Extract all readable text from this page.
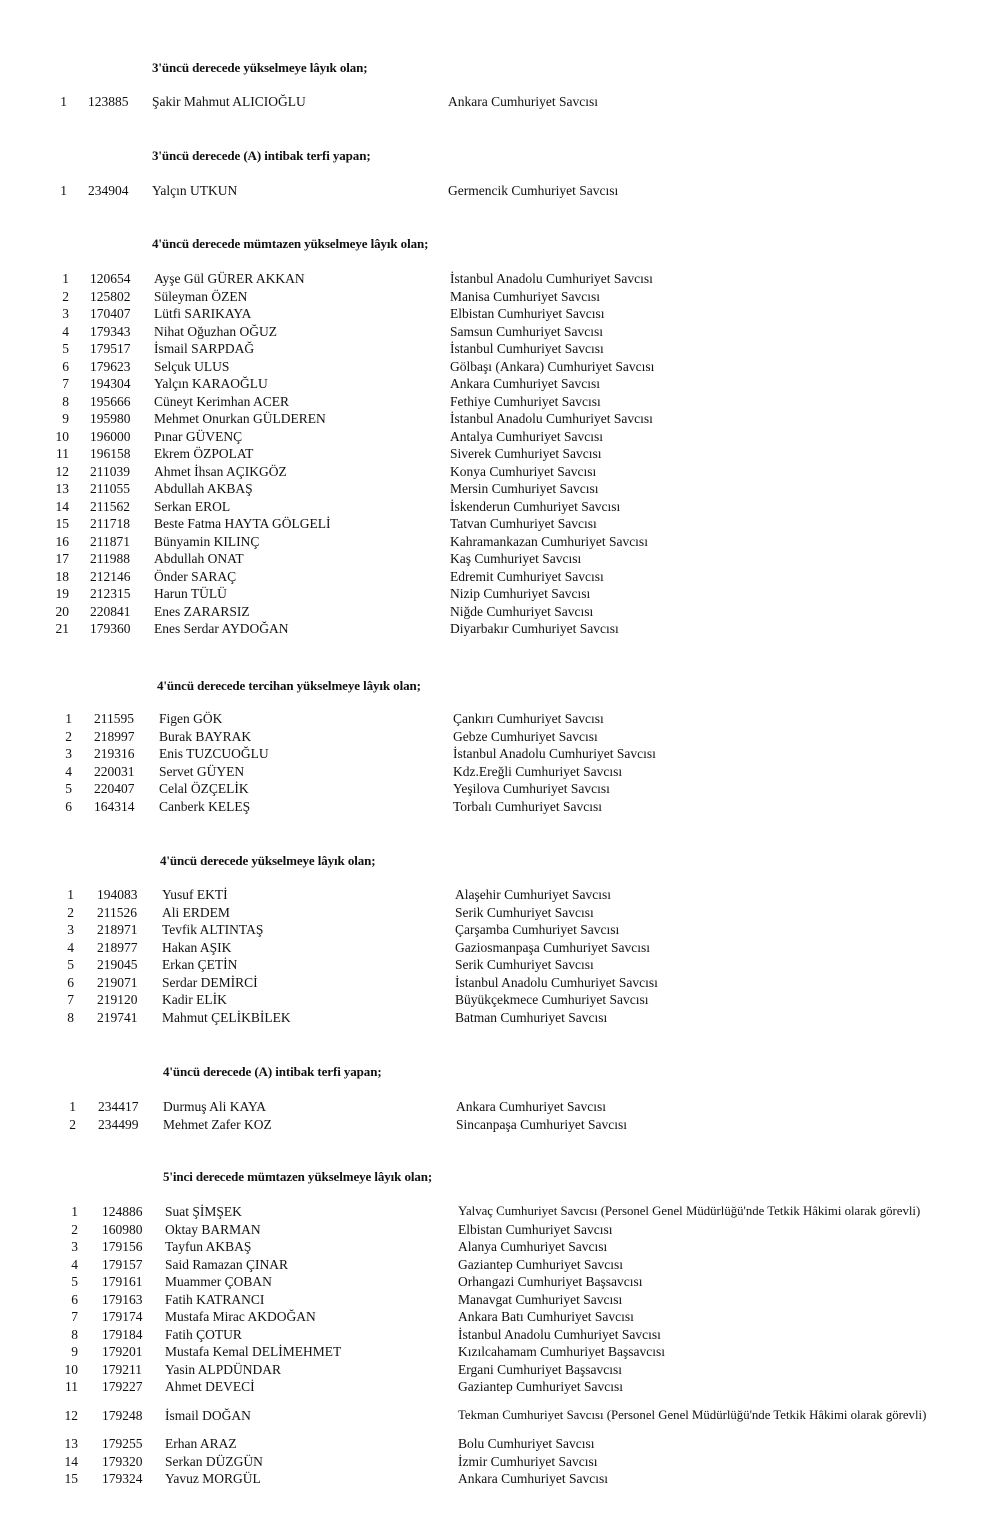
3'üncü derecede yükselmeye lâyık olan;
1 123885 Şakir Mahmut ALICIOĞLU	Ankara Cumhuriyet Savcısı
3'üncü derecede (A) intibak terfi yapan;
1 234904 Yalçın UTKUN	Germencik Cumhuriyet Savcısı
4'üncü derecede mümtazen yükselmeye lâyık olan;
1 120654 Ayşe Gül GÜRER AKKAN	İstanbul Anadolu Cumhuriyet Savcısı
2 125802 Süleyman ÖZEN	Manisa Cumhuriyet Savcısı
3 170407 Lütfi SARIKAYA	Elbistan Cumhuriyet Savcısı
4 179343 Nihat Oğuzhan OĞUZ	Samsun Cumhuriyet Savcısı
5 179517 İsmail SARPDAĞ	İstanbul Cumhuriyet Savcısı
6 179623 Selçuk ULUS	Gölbaşı (Ankara) Cumhuriyet Savcısı
7 194304 Yalçın KARAOĞLU	Ankara Cumhuriyet Savcısı
8 195666 Cüneyt Kerimhan ACER	Fethiye Cumhuriyet Savcısı
9 195980 Mehmet Onurkan GÜLDEREN	İstanbul Anadolu Cumhuriyet Savcısı
10 196000 Pınar GÜVENÇ	Antalya Cumhuriyet Savcısı
11 196158 Ekrem ÖZPOLAT	Siverek Cumhuriyet Savcısı
12 211039 Ahmet İhsan AÇIKGÖZ	Konya Cumhuriyet Savcısı
13 211055 Abdullah AKBAŞ	Mersin Cumhuriyet Savcısı
14 211562 Serkan EROL	İskenderun Cumhuriyet Savcısı
15 211718 Beste Fatma HAYTA GÖLGELİ	Tatvan Cumhuriyet Savcısı
16 211871 Bünyamin KILINÇ	Kahramankazan Cumhuriyet Savcısı
17 211988 Abdullah ONAT	Kaş Cumhuriyet Savcısı
18 212146 Önder SARAÇ	Edremit Cumhuriyet Savcısı
19 212315 Harun TÜLÜ	Nizip Cumhuriyet Savcısı
20 220841 Enes ZARARSIZ	Niğde Cumhuriyet Savcısı
21 179360 Enes Serdar AYDOĞAN	Diyarbakır Cumhuriyet Savcısı
4'üncü derecede tercihan yükselmeye lâyık olan;
1 211595 Figen GÖK	Çankırı Cumhuriyet Savcısı
2 218997 Burak BAYRAK	Gebze Cumhuriyet Savcısı
3 219316 Enis TUZCUOĞLU	İstanbul Anadolu Cumhuriyet Savcısı
4 220031 Servet GÜYEN	Kdz.Ereğli Cumhuriyet Savcısı
5 220407 Celal ÖZÇELİK	Yeşilova Cumhuriyet Savcısı
6 164314 Canberk KELEŞ	Torbalı Cumhuriyet Savcısı
4'üncü derecede yükselmeye lâyık olan;
1 194083 Yusuf EKTİ	Alaşehir Cumhuriyet Savcısı
2 211526 Ali ERDEM	Serik Cumhuriyet Savcısı
3 218971 Tevfik ALTINTAŞ	Çarşamba Cumhuriyet Savcısı
4 218977 Hakan AŞIK	Gaziosmanpaşa Cumhuriyet Savcısı
5 219045 Erkan ÇETİN	Serik Cumhuriyet Savcısı
6 219071 Serdar DEMİRCİ	İstanbul Anadolu Cumhuriyet Savcısı
7 219120 Kadir ELİK	Büyükçekmece Cumhuriyet Savcısı
8 219741 Mahmut ÇELİKBİLEK	Batman Cumhuriyet Savcısı
4'üncü derecede (A) intibak terfi yapan;
1 234417 Durmuş Ali KAYA	Ankara Cumhuriyet Savcısı
2 234499 Mehmet Zafer KOZ	Sincanpaşa Cumhuriyet Savcısı
5'inci derecede mümtazen yükselmeye lâyık olan;
1 124886 Suat ŞİMŞEK	Yalvaç Cumhuriyet Savcısı (Personel Genel Müdürlüğü'nde Tetkik Hâkimi olarak görevli)
2 160980 Oktay BARMAN	Elbistan Cumhuriyet Savcısı
3 179156 Tayfun AKBAŞ	Alanya Cumhuriyet Savcısı
4 179157 Said Ramazan ÇINAR	Gaziantep Cumhuriyet Savcısı
5 179161 Muammer ÇOBAN	Orhangazi Cumhuriyet Başsavcısı
6 179163 Fatih KATRANCI	Manavgat Cumhuriyet Savcısı
7 179174 Mustafa Mirac AKDOĞAN	Ankara Batı Cumhuriyet Savcısı
8 179184 Fatih ÇOTUR	İstanbul Anadolu Cumhuriyet Savcısı
9 179201 Mustafa Kemal DELİMEHMET	Kızılcahamam Cumhuriyet Başsavcısı
10 179211 Yasin ALPDÜNDAR	Ergani Cumhuriyet Başsavcısı
11 179227 Ahmet DEVECİ	Gaziantep Cumhuriyet Savcısı
12 179248 İsmail DOĞAN	Tekman Cumhuriyet Savcısı (Personel Genel Müdürlüğü'nde Tetkik Hâkimi olarak görevli)
13 179255 Erhan ARAZ	Bolu Cumhuriyet Savcısı
14 179320 Serkan DÜZGÜN	İzmir Cumhuriyet Savcısı
15 179324 Yavuz MORGÜL	Ankara Cumhuriyet Savcısı
